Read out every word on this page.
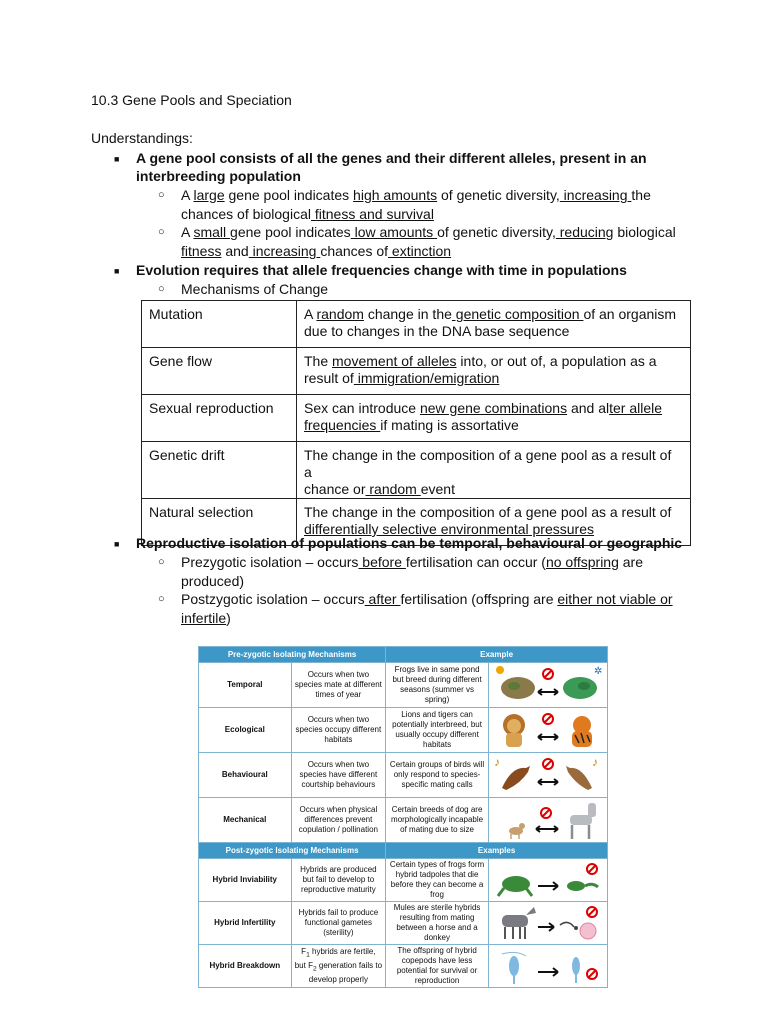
10.3 Gene Pools and Speciation
Understandings:
■ A gene pool consists of all the genes and their different alleles, present in an
interbreeding population
○ A large gene pool indicates high amounts of genetic diversity, increasing the
chances of biological fitness and survival
○ A small gene pool indicates low amounts of genetic diversity, reducing biological
fitness and increasing chances of extinction
■ Evolution requires that allele frequencies change with time in populations
○ Mechanisms of Change
Mutation	A random change in the genetic composition of an organism
due to changes in the DNA base sequence
Gene flow	The movement of alleles into, or out of, a population as a
result of immigration/emigration
Sexual reproduction	Sex can introduce new gene combinations and alter allele
frequencies if mating is assortative
Genetic drift	The change in the composition of a gene pool as a result of a
chance or random event
Natural selection	The change in the composition of a gene pool as a result of
differentially selective environmental pressures
■ Reproductive isolation of populations can be temporal, behavioural or geographic
○ Prezygotic isolation – occurs before fertilisation can occur (no offspring are
produced)
○ Postzygotic isolation – occurs after fertilisation (offspring are either not viable or
infertile)
Pre-zygotic Isolating Mechanisms		Example	
Temporal	Occurs when two species mate at different times of year	Frogs live in same pond but breed during different seasons (summer vs spring)	✲

Ecological	Occurs when two species occupy different habitats	Lions and tigers can potentially interbreed, but usually occupy different habitats	

Behavioural	Occurs when two species have different courtship behaviours	Certain groups of birds will only respond to species-specific mating calls	♪ ♪

Mechanical	Occurs when physical differences prevent copulation / pollination	Certain breeds of dog are morphologically incapable of mating due to size	

Post-zygotic Isolating Mechanisms		Examples	
Hybrid Inviability	Hybrids are produced but fail to develop to reproductive maturity	Certain types of frogs form hybrid tadpoles that die before they can become a frog	

Hybrid Infertility	Hybrids fail to produce functional gametes (sterility)	Mules are sterile hybrids resulting from mating between a horse and a donkey	

Hybrid Breakdown	$F_1$ hybrids are fertile, but $F_2$ generation fails to develop properly	The offspring of hybrid copepods have less potential for survival or reproduction	
